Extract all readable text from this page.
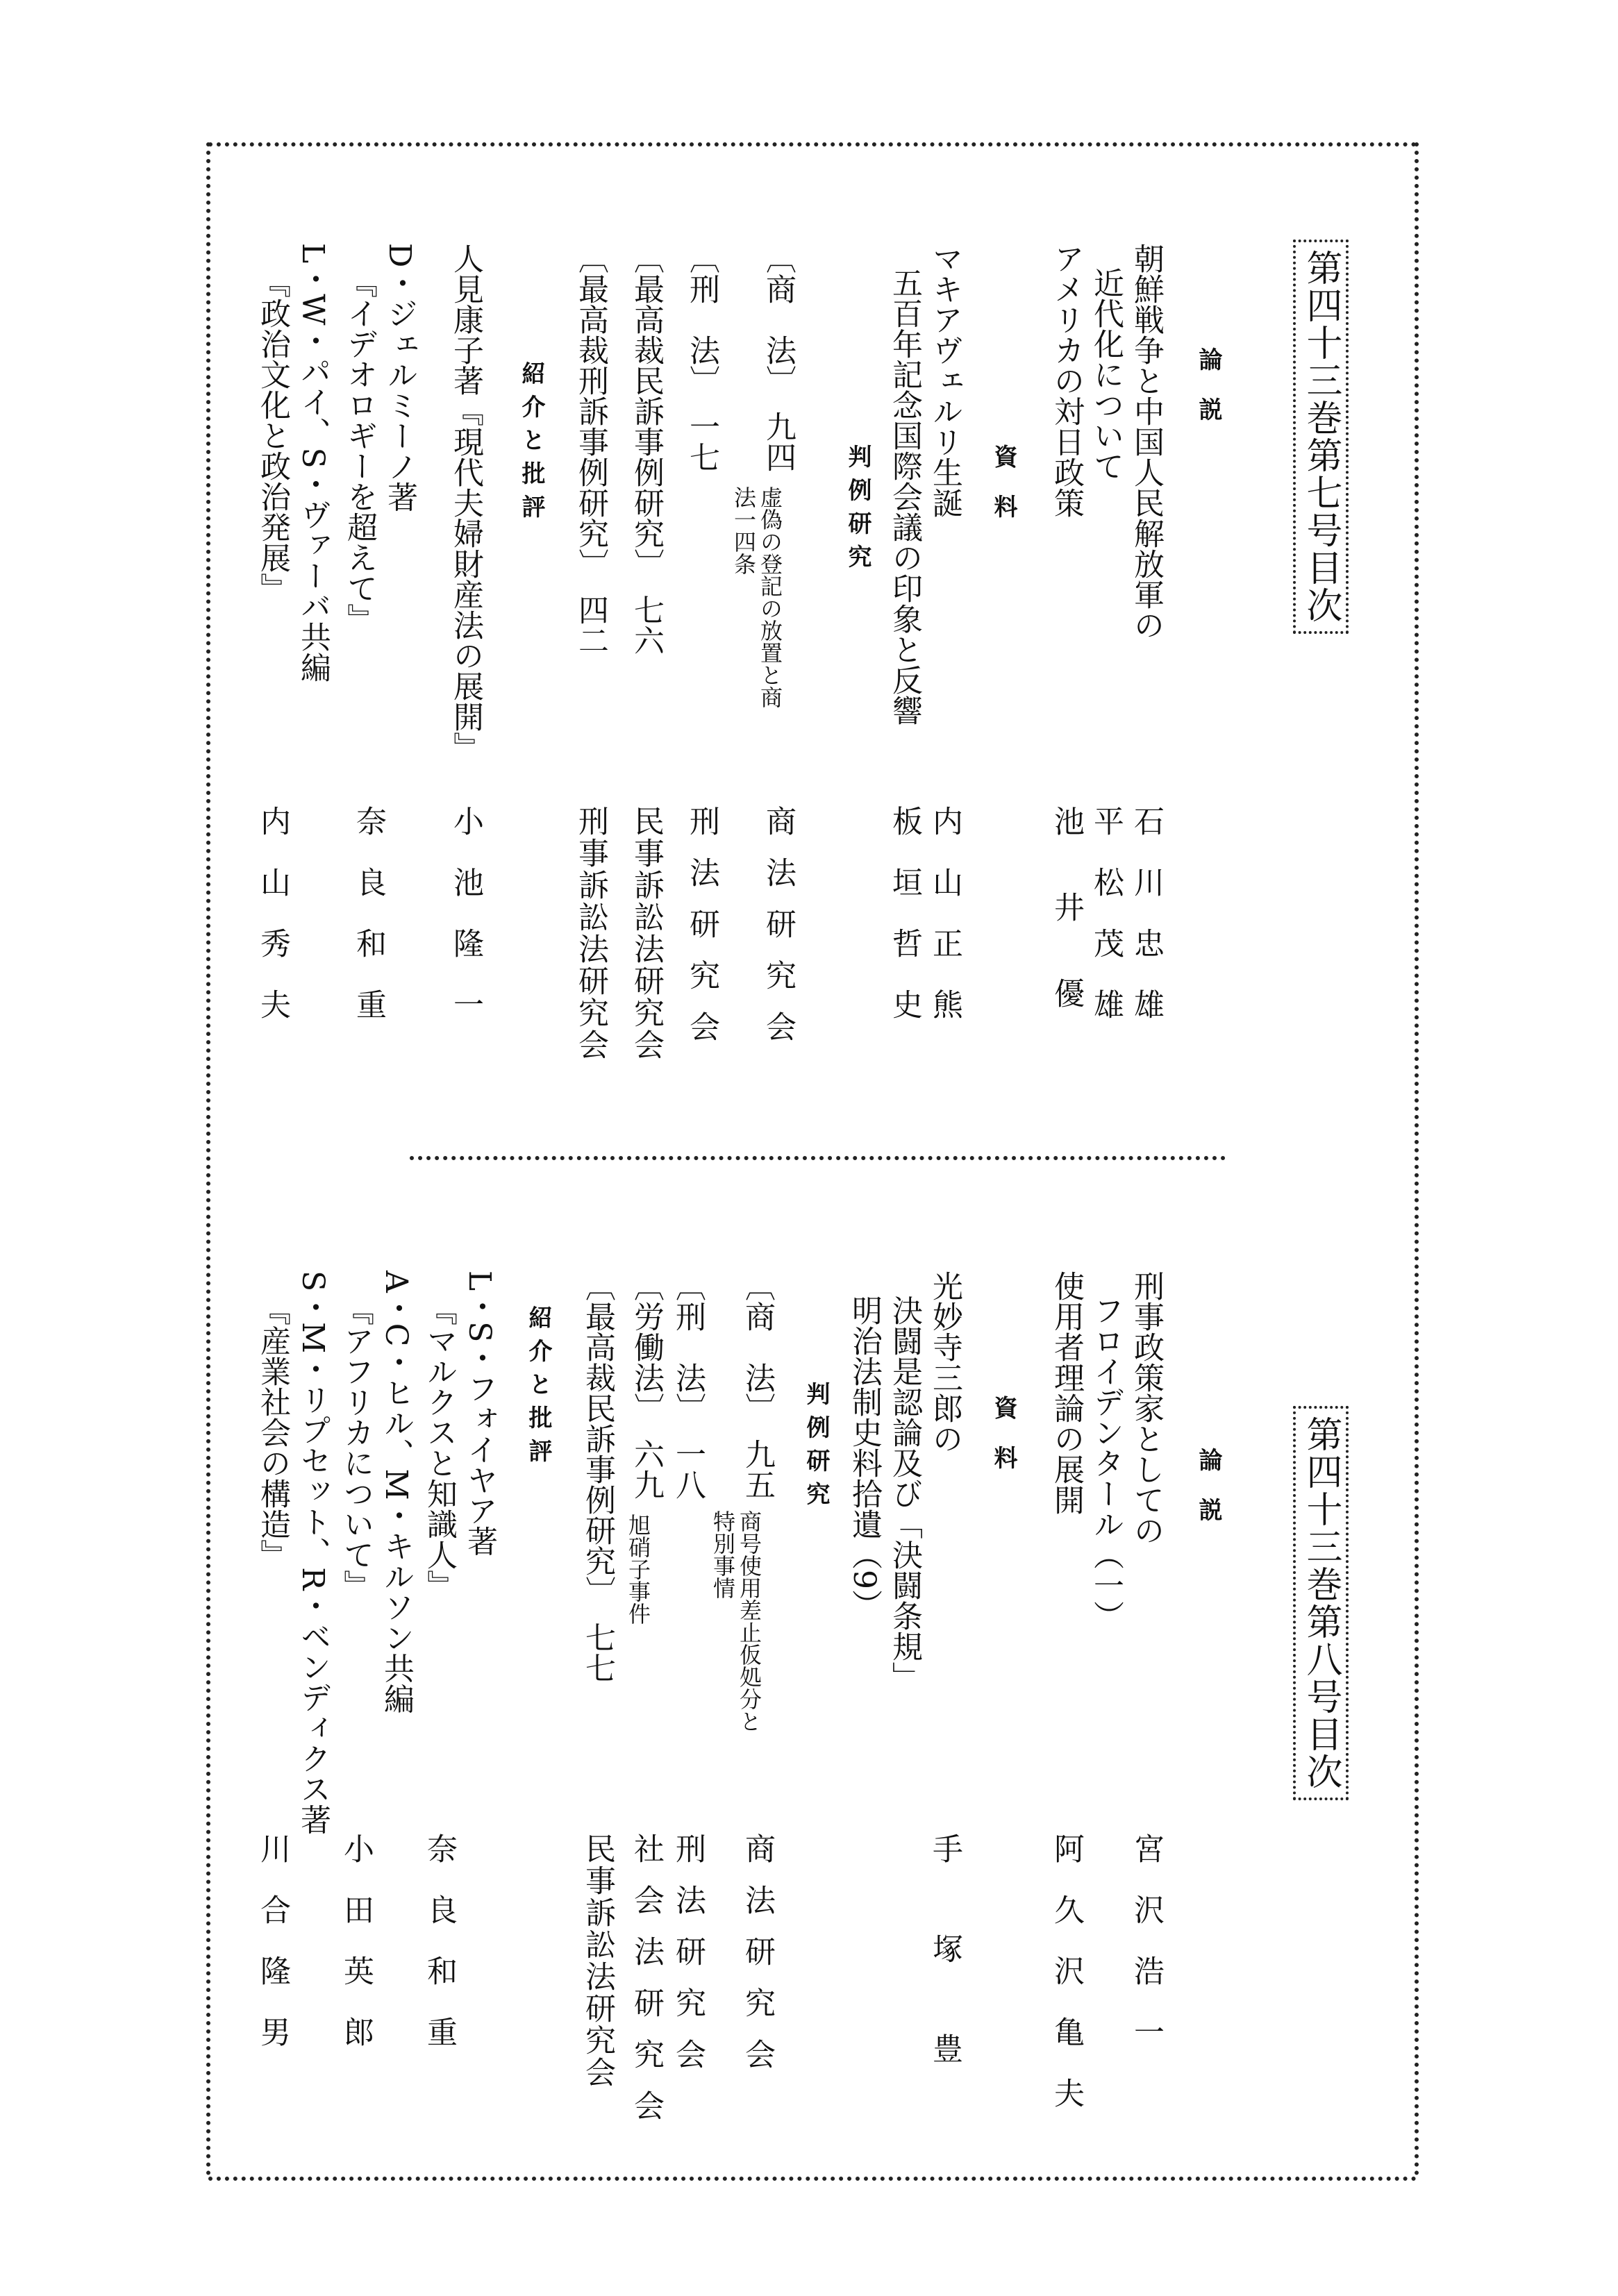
第四十三巻第七号目次
論説
朝鮮戦争と中国人民解放軍の
近代化について
石川忠雄
アメリカの対日政策
平松茂雄
池井優
資料
マキアヴェルリ生誕
五百年記念国際会議の印象と反響
内山正熊
板垣哲史
判例研究
〔商　法〕　九四
虚偽の登記の放置と商
法一四条
商法研究会
〔刑　法〕　一七
刑法研究会
〔最高裁民訴事例研究〕　七六
民事訴訟法研究会
〔最高裁刑訴事例研究〕　四二
刑事訴訟法研究会
紹介と批評
人見康子著『現代夫婦財産法の展開』
小池隆一
D・ジェルミーノ著
『イデオロギーを超えて』
奈良和重
L・W・パイ、S・ヴァーバ共編
『政治文化と政治発展』
内山秀夫
第四十三巻第八号目次
論説
刑事政策家としての
フロイデンタール（一）
宮沢浩一
使用者理論の展開
阿久沢亀夫
資料
光妙寺三郎の
決闘是認論及び「決闘条規」
明治法制史料拾遺（9）
手塚豊
判例研究
〔商　法〕　九五
商号使用差止仮処分と
特別事情
商法研究会
〔刑　法〕　一八
刑法研究会
〔労働法〕　六九
旭硝子事件
社会法研究会
〔最高裁民訴事例研究〕　七七
民事訴訟法研究会
紹介と批評
L・S・フォイヤア著
『マルクスと知識人』
奈良和重
A・C・ヒル、M・キルソン共編
『アフリカについて』
小田英郎
S・M・リプセット、R・ベンディクス著
『産業社会の構造』
川合隆男
